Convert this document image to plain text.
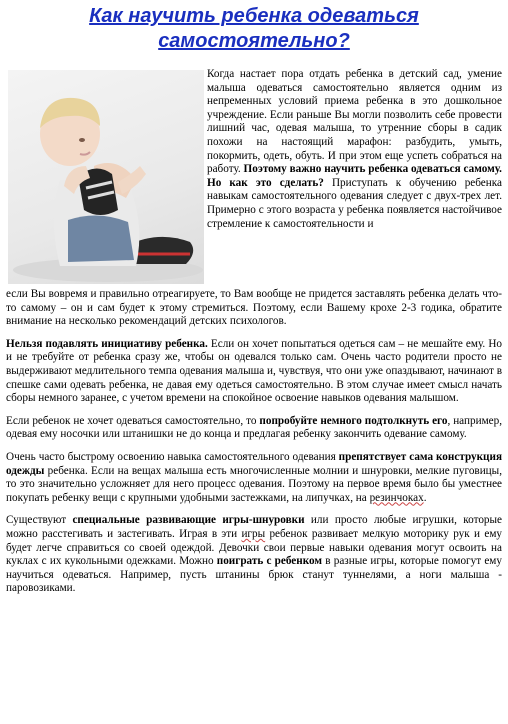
Как научить ребенка одеваться
самостоятельно?
Когда настает пора отдать ребенка в детский сад, умение малыша одеваться самостоятельно является одним из непременных условий приема ребенка в это дошкольное учреждение. Если раньше Вы могли позволить себе провести лишний час, одевая малыша, то утренние сборы в садик похожи на настоящий марафон: разбудить, умыть, покормить, одеть, обуть. И при этом еще успеть собраться на работу. Поэтому важно научить ребенка одеваться самому. Но как это сделать? Приступать к обучению ребенка навыкам самостоятельного одевания следует с двух-трех лет. Примерно с этого возраста у ребенка появляется настойчивое стремление к самостоятельности и

если Вы вовремя и правильно отреагируете, то Вам вообще не придется заставлять ребенка делать что-то самому – он и сам будет к этому стремиться. Поэтому, если Вашему крохе 2-3 годика, обратите внимание на несколько рекомендаций детских психологов.

Нельзя подавлять инициативу ребенка. Если он хочет попытаться одеться сам – не мешайте ему. Но и не требуйте от ребенка сразу же, чтобы он одевался только сам. Очень часто родители просто не выдерживают медлительного темпа одевания малыша и, чувствуя, что они уже опаздывают, начинают в спешке сами одевать ребенка, не давая ему одеться самостоятельно. В этом случае имеет смысл начать сборы немного заранее, с учетом времени на спокойное освоение навыков одевания малышом.

Если ребенок не хочет одеваться самостоятельно, то попробуйте немного подтолкнуть его, например, одевая ему носочки или штанишки не до конца и предлагая ребенку закончить одевание самому.

Очень часто быстрому освоению навыка самостоятельного одевания препятствует сама конструкция одежды ребенка. Если на вещах малыша есть многочисленные молнии и шнуровки, мелкие пуговицы, то это значительно усложняет для него процесс одевания. Поэтому на первое время было бы уместнее покупать ребенку вещи с крупными удобными застежками, на липучках, на резинчоках.

Существуют специальные развивающие игры-шнуровки или просто любые игрушки, которые можно расстегивать и застегивать. Играя в эти игры ребенок развивает мелкую моторику рук и ему будет легче справиться со своей одеждой. Девочки свои первые навыки одевания могут освоить на куклах с их кукольными одежками. Можно поиграть с ребенком в разные игры, которые помогут ему научиться одеваться. Например, пусть штанины брюк станут туннелями, а ноги малыша - паровозиками.
